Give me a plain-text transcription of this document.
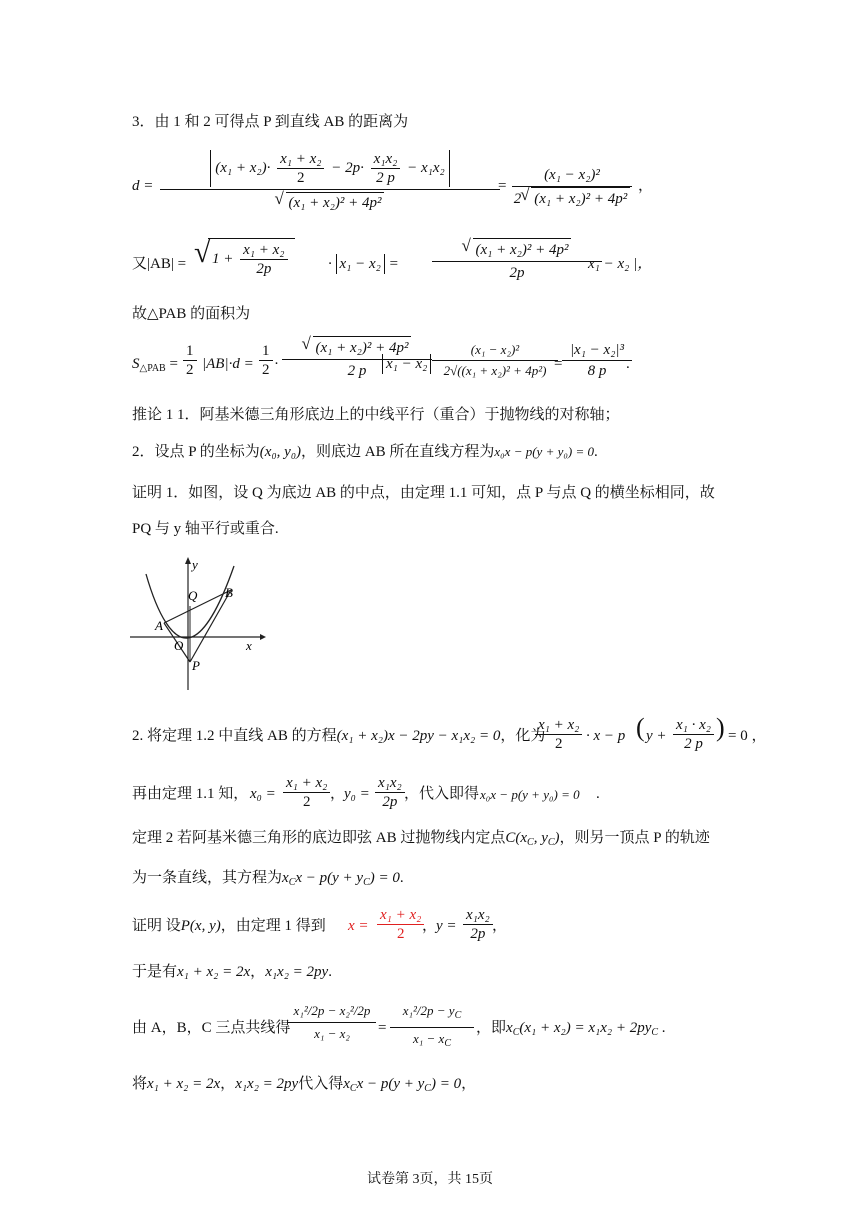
3．由 1 和 2 可得点 P 到直线 AB 的距离为
d =
$(x_1 + x_2)\cdot \frac{\text{x₁ + x₂}}{2} - 2p\cdot \frac{\text{x₁x₂}}{2 p} - x_1x_2$
√ (x₁ + x₂)² + 4p²
=
(x₁ − x₂)²
2√ (x₁ + x₂)² + 4p²
，
又|AB| = √ $1 + \frac{\text{x₁ + x₂}}{2p}$	· x₁ − x₂ =
√ (x₁ + x₂)² + 4p²
2p
x₁ − x₂ |，
故△PAB 的面积为
$S_{\triangle PAB} = \frac{1}{2} |AB|\cdot d = \frac{1}{2}$ ·
√ (x₁ + x₂)² + 4p²
2 p	x₁ − x₂
(x₁ − x₂)²
2√((x₁ + x₂)² + 4p²) =
|x₁ − x₂|³
8 p	.
推论 1 1．阿基米德三角形底边上的中线平行（重合）于抛物线的对称轴；
2．设点 P 的坐标为(x₀, y₀)，则底边 AB 所在直线方程为x₀x − p(y + y₀) = 0.
证明 1．如图，设 Q 为底边 AB 的中点，由定理 1.1 可知，点 P 与点 Q 的横坐标相同，故
PQ 与 y 轴平行或重合.
y
x
Q B
A
O
P
2. 将定理 1.2 中直线 AB 的方程(x₁ + x₂)x − 2py − x₁x₂ = 0，化为
$\frac{\text{x₁ + x₂}}{2} \cdot x - p$ ( $y + \frac{\text{x₁ · x₂}}{2 p}$ ) = 0 ，
再由定理 1.1 知， $x_0 = \frac{\text{x₁ + x₂}}{2}$ ，
$y_0 = \frac{\text{x₁x₂}}{2p}$ ，代入即得 x₀x − p(y + y₀) = 0 .
定理 2 若阿基米德三角形的底边即弦 AB 过抛物线内定点$C(x_C$, $y_C$)，则另一顶点 P 的轨迹
为一条直线，其方程为$x_Cx - p(y + y_C) = 0$.
证明 设P(x, y)，由定理 1 得到 $x = \frac{\text{x₁ + x₂}}{2}$
，
$y = \frac{\text{x₁x₂}}{2p}$ ，
于是有x₁ + x₂ = 2x，x₁x₂ = 2py.
由 A，B，C 三点共线得
x₁²/2p − x₂²/2p
x₁ − x₂	=
$x_1^2/2p - y_C$
$x_1 - x_C$
，即$x_C(x_1 + x_2) = x_1x_2 + 2py_C$ .
将x₁ + x₂ = 2x，x₁x₂ = 2py代入得$x_Cx - p(y + y_C) = 0$，
试卷第 3页，共 15页
